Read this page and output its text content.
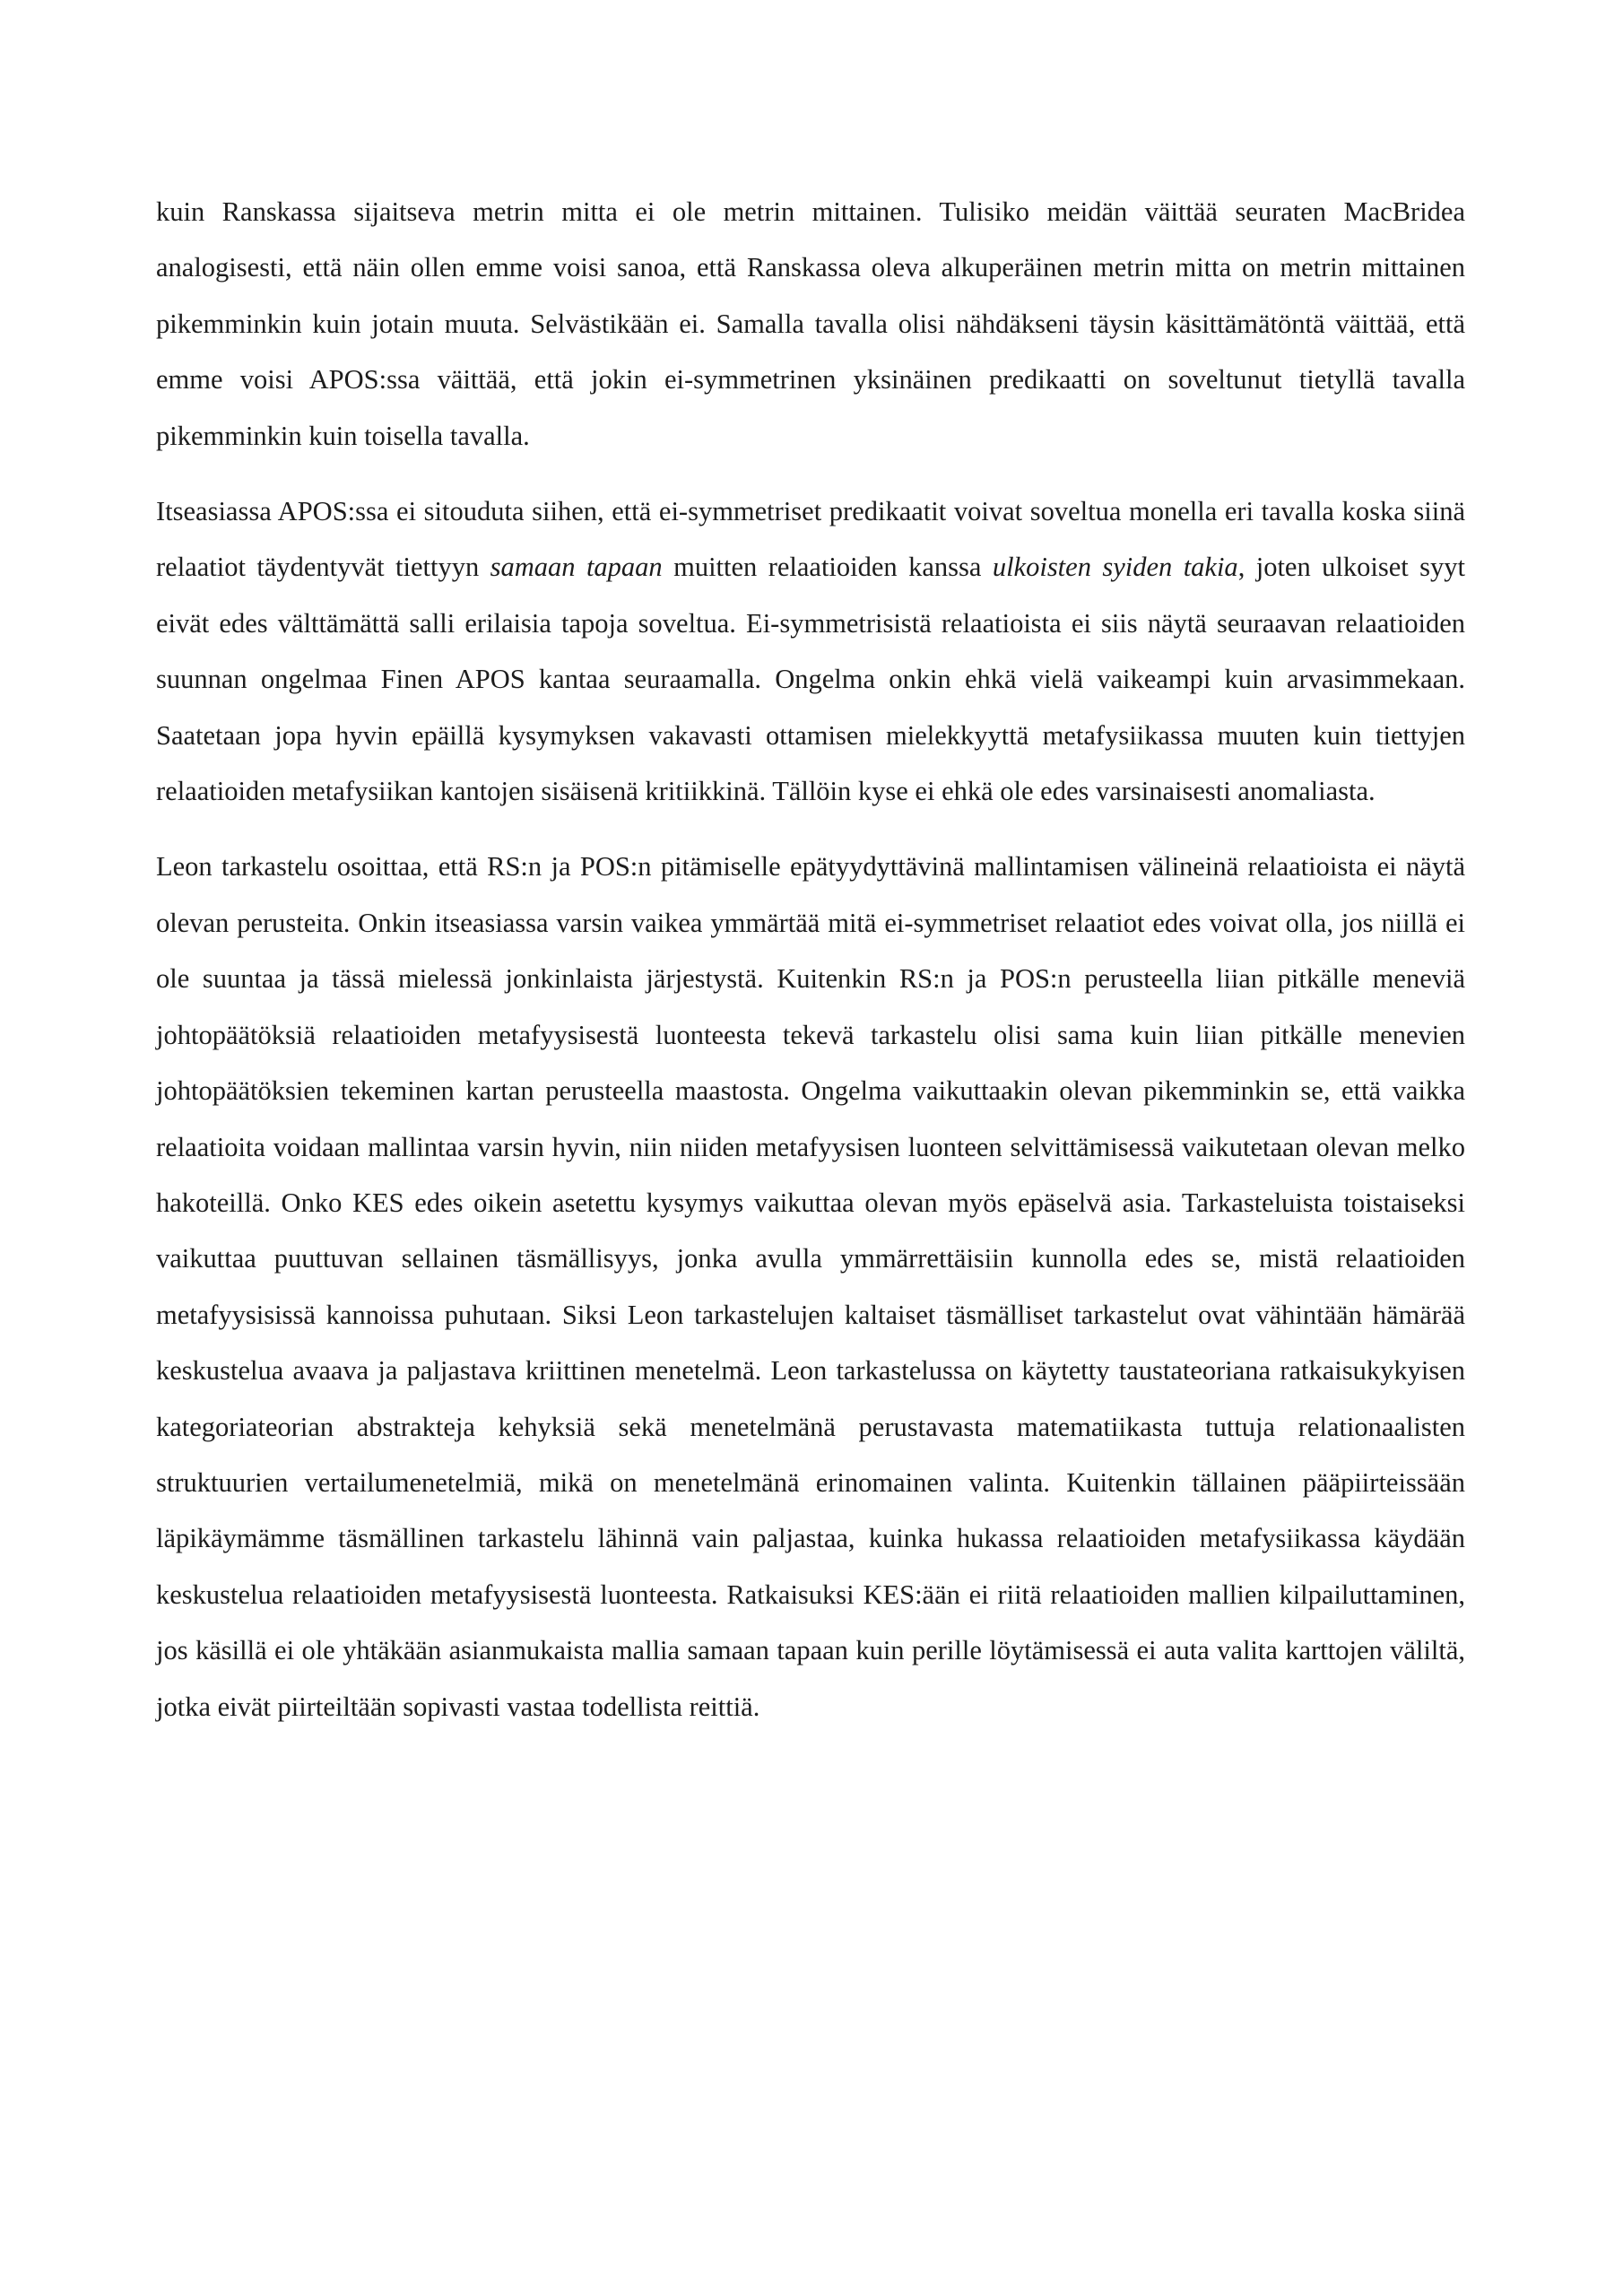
kuin Ranskassa sijaitseva metrin mitta ei ole metrin mittainen. Tulisiko meidän väittää seuraten MacBridea analogisesti, että näin ollen emme voisi sanoa, että Ranskassa oleva alkuperäinen metrin mitta on metrin mittainen pikemminkin kuin jotain muuta. Selvästikään ei. Samalla tavalla olisi nähdäkseni täysin käsittämätöntä väittää, että emme voisi APOS:ssa väittää, että jokin ei-symmetrinen yksinäinen predikaatti on soveltunut tietyllä tavalla pikemminkin kuin toisella tavalla.

Itseasiassa APOS:ssa ei sitouduta siihen, että ei-symmetriset predikaatit voivat soveltua monella eri tavalla koska siinä relaatiot täydentyvät tiettyyn samaan tapaan muitten relaatioiden kanssa ulkoisten syiden takia, joten ulkoiset syyt eivät edes välttämättä salli erilaisia tapoja soveltua. Ei-symmetrisistä relaatioista ei siis näytä seuraavan relaatioiden suunnan ongelmaa Finen APOS kantaa seuraamalla. Ongelma onkin ehkä vielä vaikeampi kuin arvasimmekaan. Saatetaan jopa hyvin epäillä kysymyksen vakavasti ottamisen mielekkyyttä metafysiikassa muuten kuin tiettyjen relaatioiden metafysiikan kantojen sisäisenä kritiikkinä. Tällöin kyse ei ehkä ole edes varsinaisesti anomaliasta.

Leon tarkastelu osoittaa, että RS:n ja POS:n pitämiselle epätyydyttävinä mallintamisen välineinä relaatioista ei näytä olevan perusteita. Onkin itseasiassa varsin vaikea ymmärtää mitä ei-symmetriset relaatiot edes voivat olla, jos niillä ei ole suuntaa ja tässä mielessä jonkinlaista järjestystä. Kuitenkin RS:n ja POS:n perusteella liian pitkälle meneviä johtopäätöksiä relaatioiden metafyysisestä luonteesta tekevä tarkastelu olisi sama kuin liian pitkälle menevien johtopäätöksien tekeminen kartan perusteella maastosta. Ongelma vaikuttaakin olevan pikemminkin se, että vaikka relaatioita voidaan mallintaa varsin hyvin, niin niiden metafyysisen luonteen selvittämisessä vaikutetaan olevan melko hakoteillä. Onko KES edes oikein asetettu kysymys vaikuttaa olevan myös epäselvä asia. Tarkasteluista toistaiseksi vaikuttaa puuttuvan sellainen täsmällisyys, jonka avulla ymmärrettäisiin kunnolla edes se, mistä relaatioiden metafyysisissä kannoissa puhutaan. Siksi Leon tarkastelujen kaltaiset täsmälliset tarkastelut ovat vähintään hämärää keskustelua avaava ja paljastava kriittinen menetelmä. Leon tarkastelussa on käytetty taustateoriana ratkaisukykyisen kategoriateorian abstrakteja kehyksiä sekä menetelmänä perustavasta matematiikasta tuttuja relationaalisten struktuurien vertailumenetelmiä, mikä on menetelmänä erinomainen valinta. Kuitenkin tällainen pääpiirteissään läpikäymämme täsmällinen tarkastelu lähinnä vain paljastaa, kuinka hukassa relaatioiden metafysiikassa käydään keskustelua relaatioiden metafyysisestä luonteesta. Ratkaisuksi KES:ään ei riitä relaatioiden mallien kilpailuttaminen, jos käsillä ei ole yhtäkään asianmukaista mallia samaan tapaan kuin perille löytämisessä ei auta valita karttojen väliltä, jotka eivät piirteiltään sopivasti vastaa todellista reittiä.
